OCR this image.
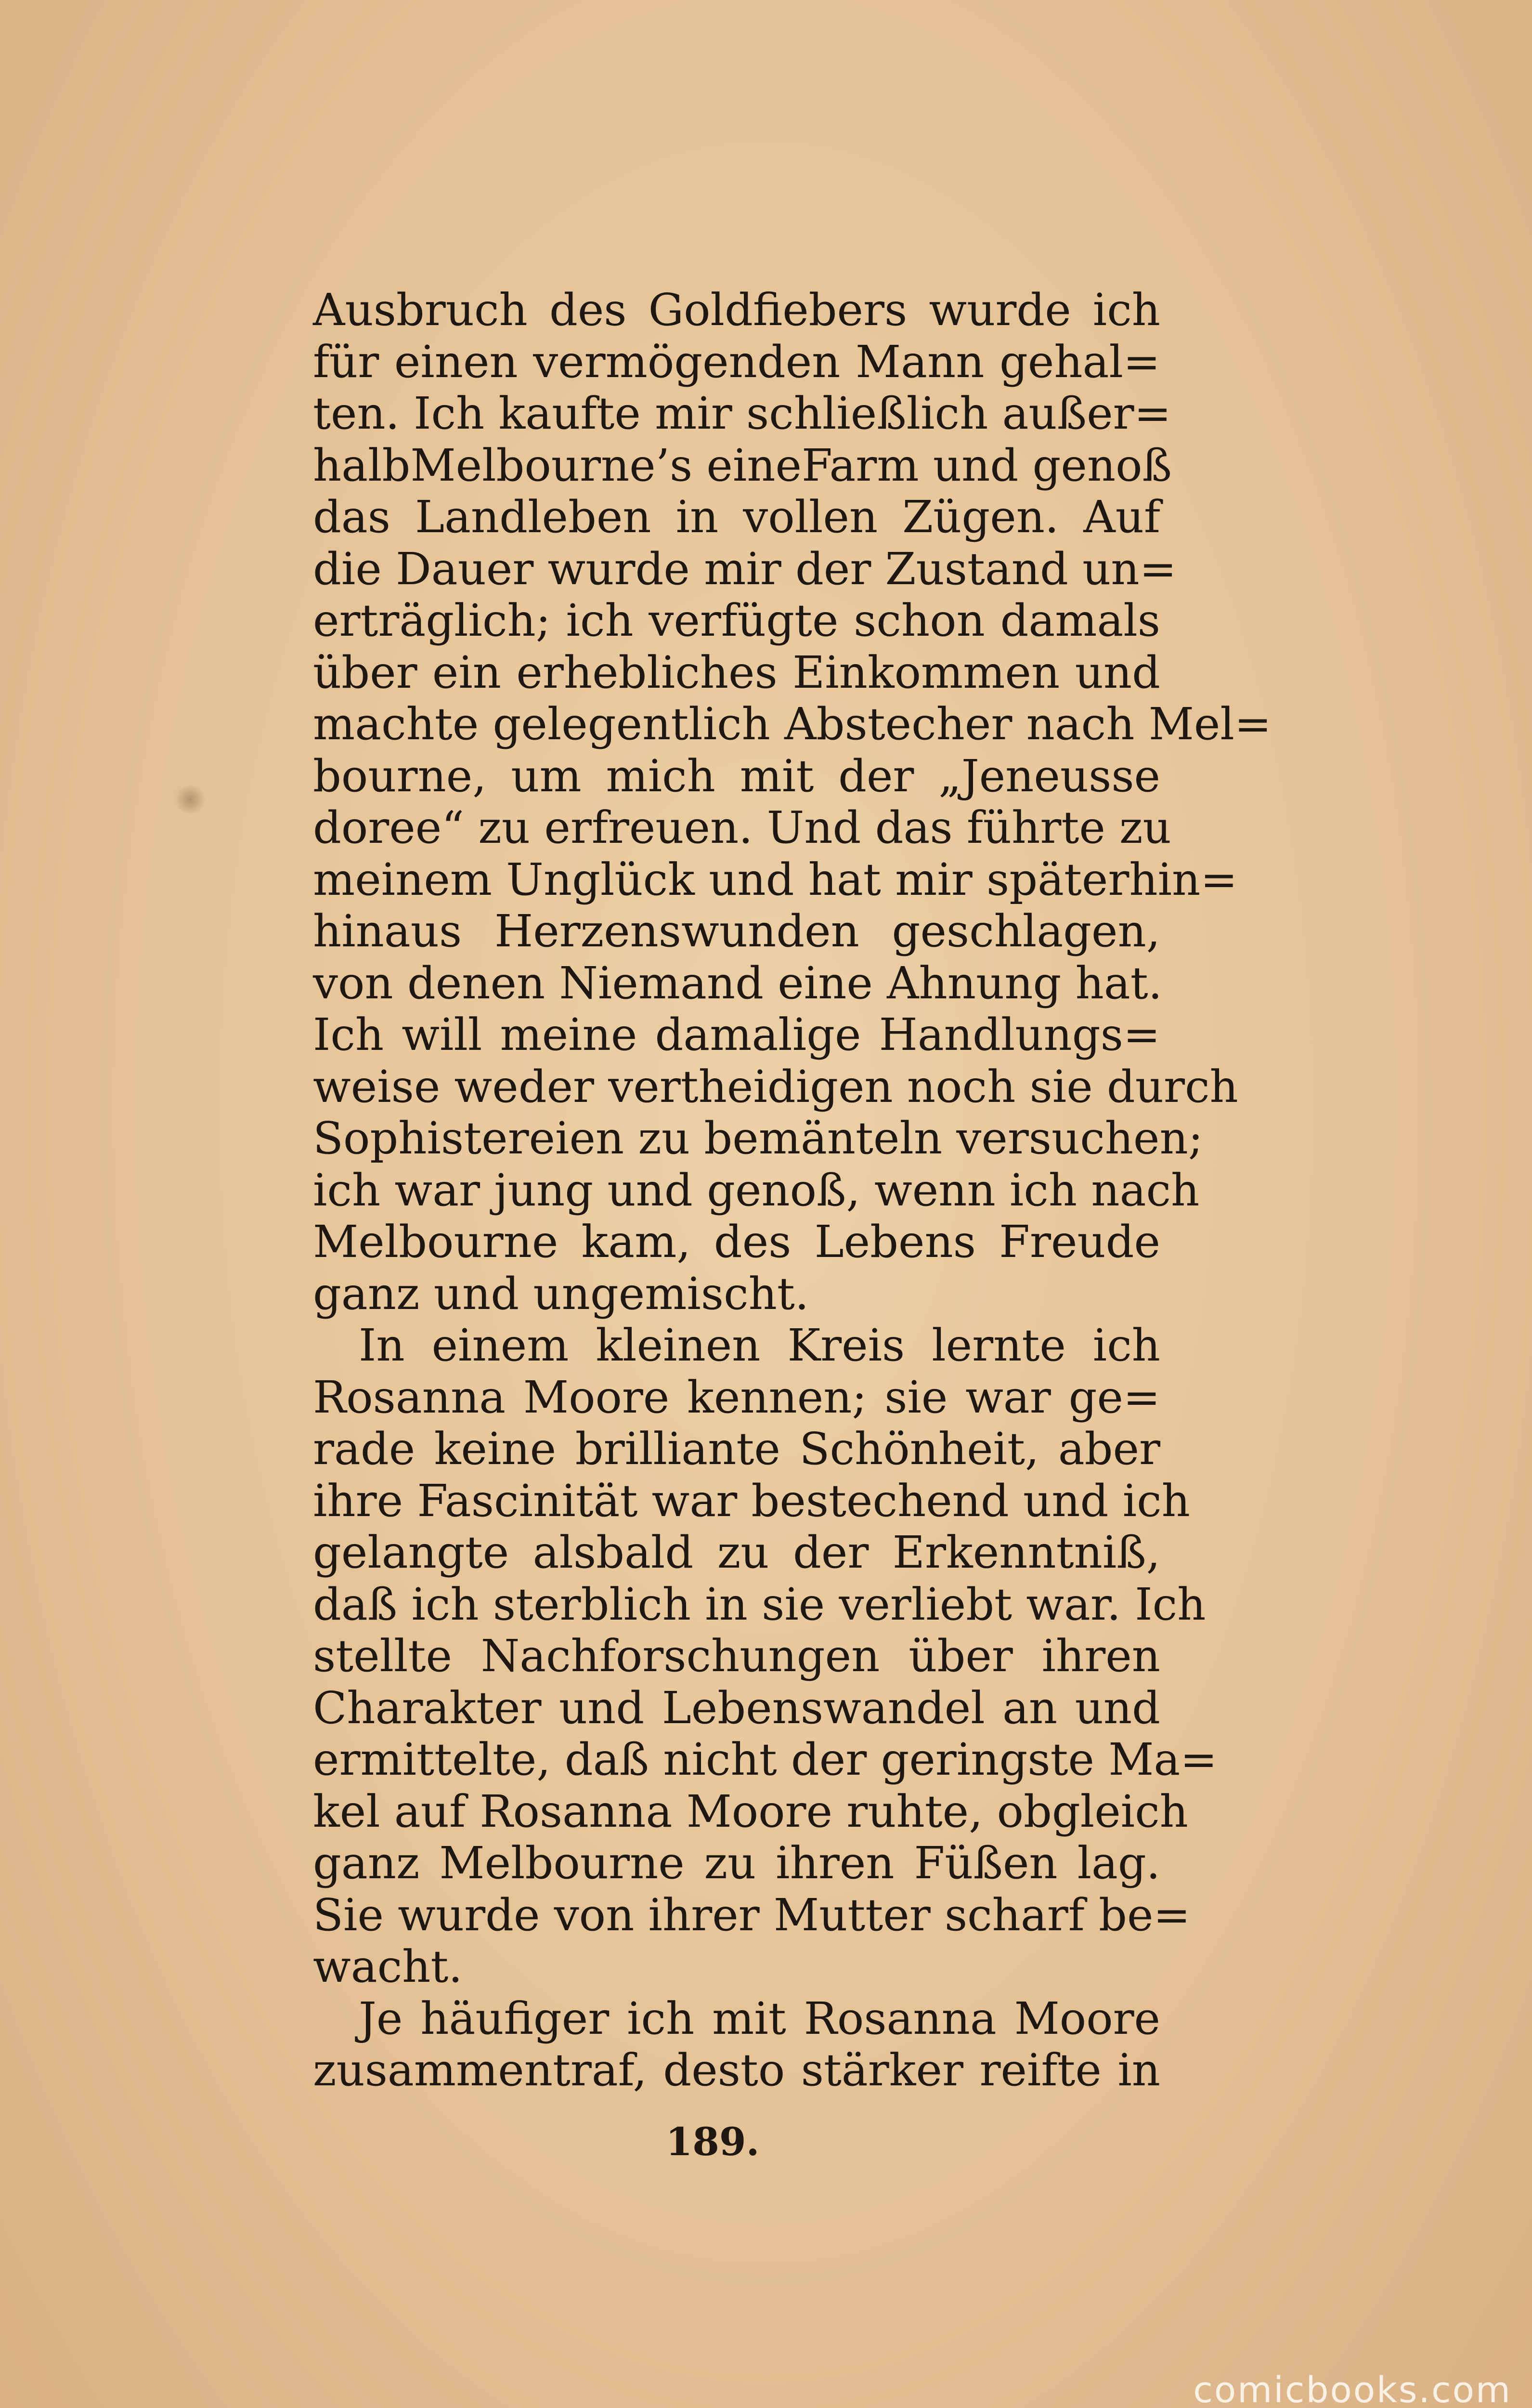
Ausbruch des Goldfiebers wurde ich
für einen vermögenden Mann gehal=
ten. Ich kaufte mir schließlich außer=
halbMelbourne’s eineFarm und genoß
das Landleben in vollen Zügen. Auf
die Dauer wurde mir der Zustand un=
erträglich; ich verfügte schon damals
über ein erhebliches Einkommen und
machte gelegentlich Abstecher nach Mel=
bourne, um mich mit der „Jeneusse
doree“ zu erfreuen. Und das führte zu
meinem Unglück und hat mir späterhin=
hinaus Herzenswunden geschlagen,
von denen Niemand eine Ahnung hat.
Ich will meine damalige Handlungs=
weise weder vertheidigen noch sie durch
Sophistereien zu bemänteln versuchen;
ich war jung und genoß, wenn ich nach
Melbourne kam, des Lebens Freude
ganz und ungemischt.
In einem kleinen Kreis lernte ich
Rosanna Moore kennen; sie war ge=
rade keine brilliante Schönheit, aber
ihre Fascinität war bestechend und ich
gelangte alsbald zu der Erkenntniß,
daß ich sterblich in sie verliebt war. Ich
stellte Nachforschungen über ihren
Charakter und Lebenswandel an und
ermittelte, daß nicht der geringste Ma=
kel auf Rosanna Moore ruhte, obgleich
ganz Melbourne zu ihren Füßen lag.
Sie wurde von ihrer Mutter scharf be=
wacht.
Je häufiger ich mit Rosanna Moore
zusammentraf, desto stärker reifte in
189.
comicbooks.com
